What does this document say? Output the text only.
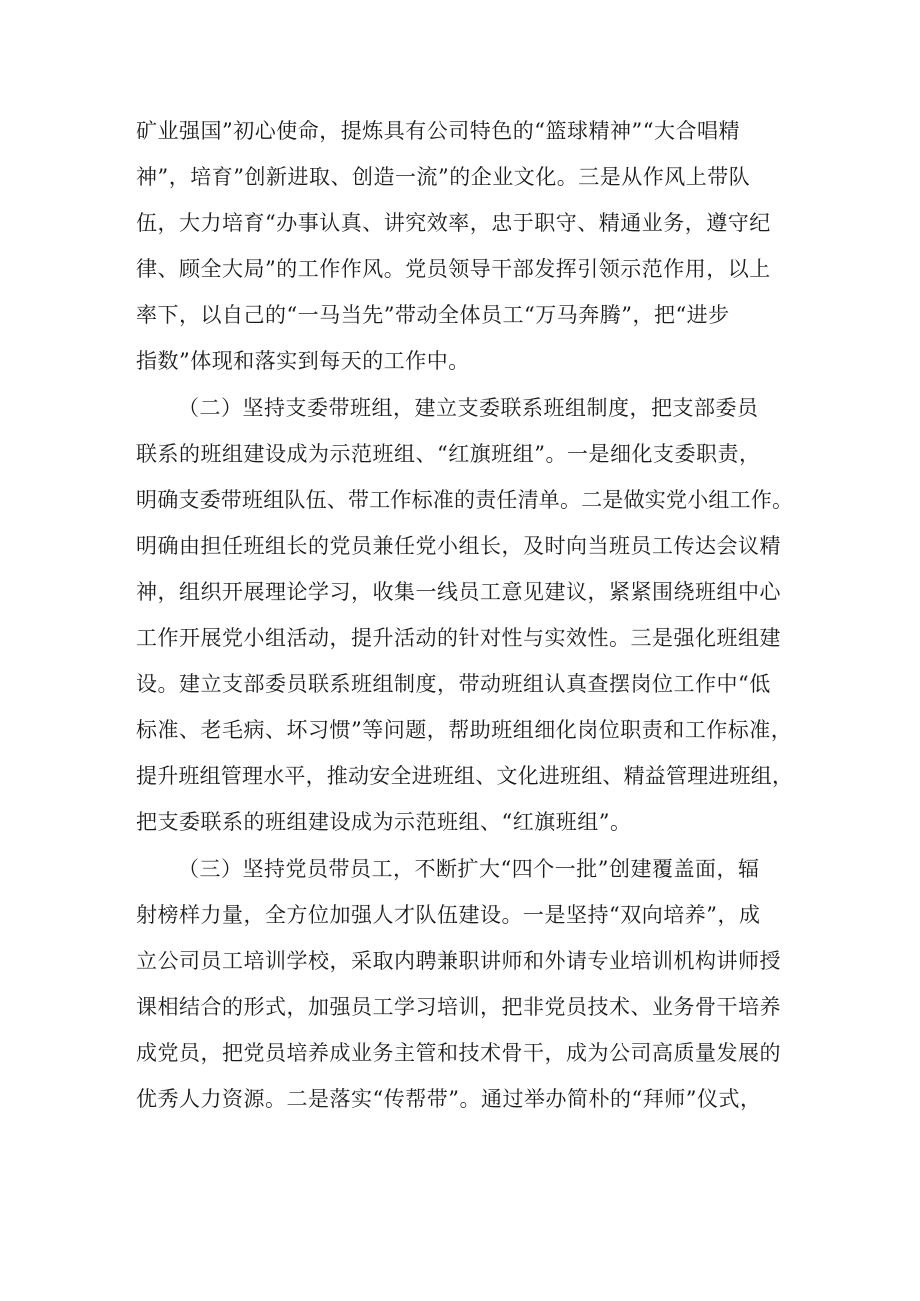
矿业强国”初心使命，提炼具有公司特色的“篮球精神”“大合唱精
神”，培育”创新进取、创造一流”的企业文化。三是从作风上带队
伍，大力培育“办事认真、讲究效率，忠于职守、精通业务，遵守纪
律、顾全大局”的工作作风。党员领导干部发挥引领示范作用，以上
率下，以自己的“一马当先”带动全体员工“万马奔腾”，把“进步
指数”体现和落实到每天的工作中。
（二）坚持支委带班组，建立支委联系班组制度，把支部委员
联系的班组建设成为示范班组、“红旗班组”。一是细化支委职责，
明确支委带班组队伍、带工作标准的责任清单。二是做实党小组工作。
明确由担任班组长的党员兼任党小组长，及时向当班员工传达会议精
神，组织开展理论学习，收集一线员工意见建议，紧紧围绕班组中心
工作开展党小组活动，提升活动的针对性与实效性。三是强化班组建
设。建立支部委员联系班组制度，带动班组认真查摆岗位工作中“低
标准、老毛病、坏习惯”等问题，帮助班组细化岗位职责和工作标准，
提升班组管理水平，推动安全进班组、文化进班组、精益管理进班组，
把支委联系的班组建设成为示范班组、“红旗班组”。
（三）坚持党员带员工，不断扩大“四个一批”创建覆盖面，辐
射榜样力量，全方位加强人才队伍建设。一是坚持“双向培养”，成
立公司员工培训学校，采取内聘兼职讲师和外请专业培训机构讲师授
课相结合的形式，加强员工学习培训，把非党员技术、业务骨干培养
成党员，把党员培养成业务主管和技术骨干，成为公司高质量发展的
优秀人力资源。二是落实“传帮带”。通过举办简朴的“拜师”仪式，
